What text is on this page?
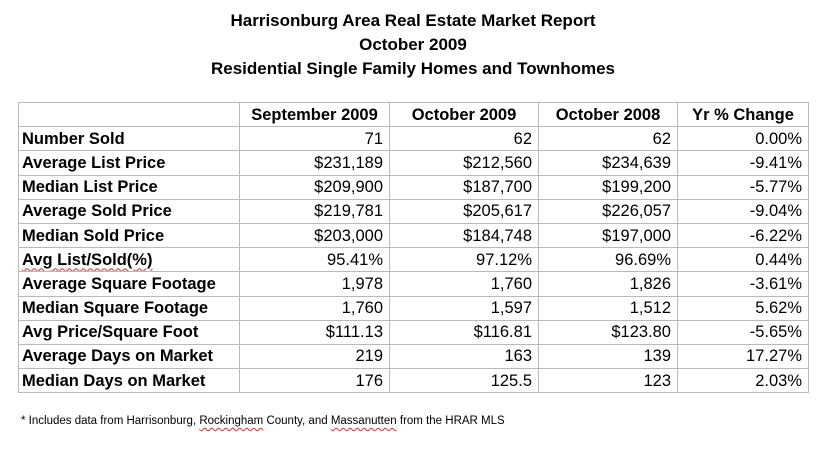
Harrisonburg Area Real Estate Market Report
October 2009
Residential Single Family Homes and Townhomes
	September 2009	October 2009	October 2008	Yr % Change
Number Sold	71	62	62	0.00%
Average List Price	$231,189	$212,560	$234,639	-9.41%
Median List Price	$209,900	$187,700	$199,200	-5.77%
Average Sold Price	$219,781	$205,617	$226,057	-9.04%
Median Sold Price	$203,000	$184,748	$197,000	-6.22%
Avg List/Sold(%)	95.41%	97.12%	96.69%	0.44%
Average Square Footage	1,978	1,760	1,826	-3.61%
Median Square Footage	1,760	1,597	1,512	5.62%
Avg Price/Square Foot	$111.13	$116.81	$123.80	-5.65%
Average Days on Market	219	163	139	17.27%
Median Days on Market	176	125.5	123	2.03%
* Includes data from Harrisonburg, Rockingham County, and Massanutten from the HRAR MLS
